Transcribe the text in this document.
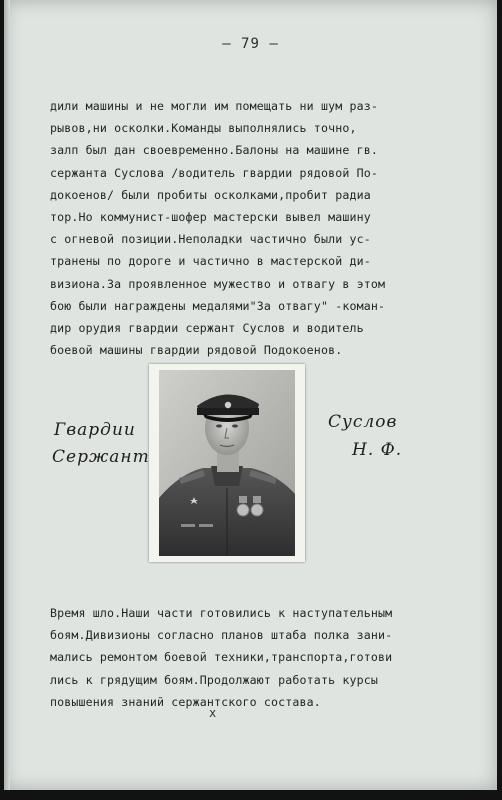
— 79 —

дили машины и не могли им помещать ни шум раз-
рывов,ни осколки.Команды выполнялись точно,
залп был дан своевременно.Балоны на машине гв.
сержанта Суслова /водитель гвардии рядовой По-
докоенов/ были пробиты осколками,пробит радиа
тор.Но коммунист-шофер мастерски вывел машину
с огневой позиции.Неполадки частично были ус-
транены по дороге и частично в мастерской ди-
визиона.За проявленное мужество и отвагу в этом
бою были награждены медалями"За отвагу" -коман-
дир орудия гвардии сержант Суслов и водитель
боевой машины гвардии рядовой Подокоенов.

Гвардии
Сержант
Суслов
Н. Ф.

Время шло.Наши части готовились к наступательным
боям.Дивизионы согласно планов штаба полка зани-
мались ремонтом боевой техники,транспорта,готови
лись к грядущим боям.Продолжают работать курсы
повышения знаний сержантского состава.

х
